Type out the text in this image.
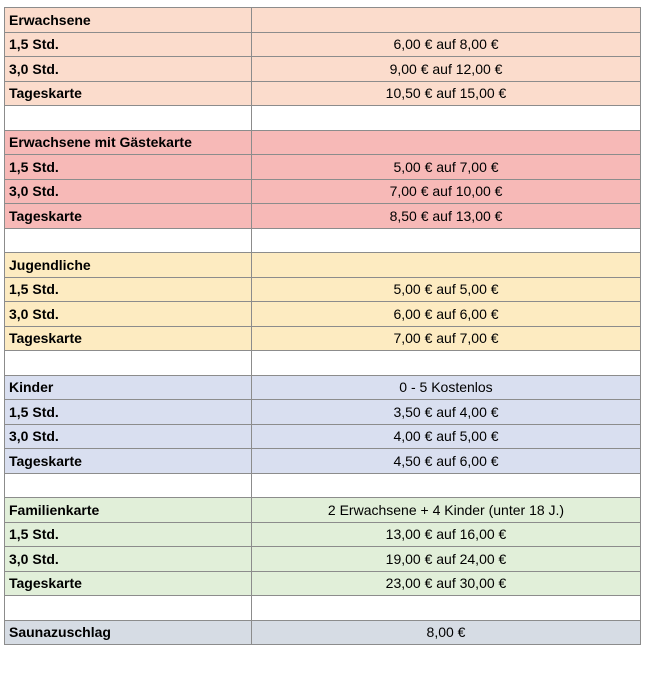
Erwachsene	
1,5 Std.	6,00 € auf 8,00 €
3,0 Std.	9,00 € auf 12,00 €
Tageskarte	10,50 € auf 15,00 €

Erwachsene mit Gästekarte	
1,5 Std.	5,00 € auf 7,00 €
3,0 Std.	7,00 € auf 10,00 €
Tageskarte	8,50 € auf 13,00 €

Jugendliche	
1,5 Std.	5,00 € auf 5,00 €
3,0 Std.	6,00 € auf 6,00 €
Tageskarte	7,00 € auf 7,00 €

Kinder	0 - 5 Kostenlos
1,5 Std.	3,50 € auf 4,00 €
3,0 Std.	4,00 € auf 5,00 €
Tageskarte	4,50 € auf 6,00 €

Familienkarte	2 Erwachsene + 4 Kinder (unter 18 J.)
1,5 Std.	13,00 € auf 16,00 €
3,0 Std.	19,00 € auf 24,00 €
Tageskarte	23,00 € auf 30,00 €

Saunazuschlag	8,00 €
